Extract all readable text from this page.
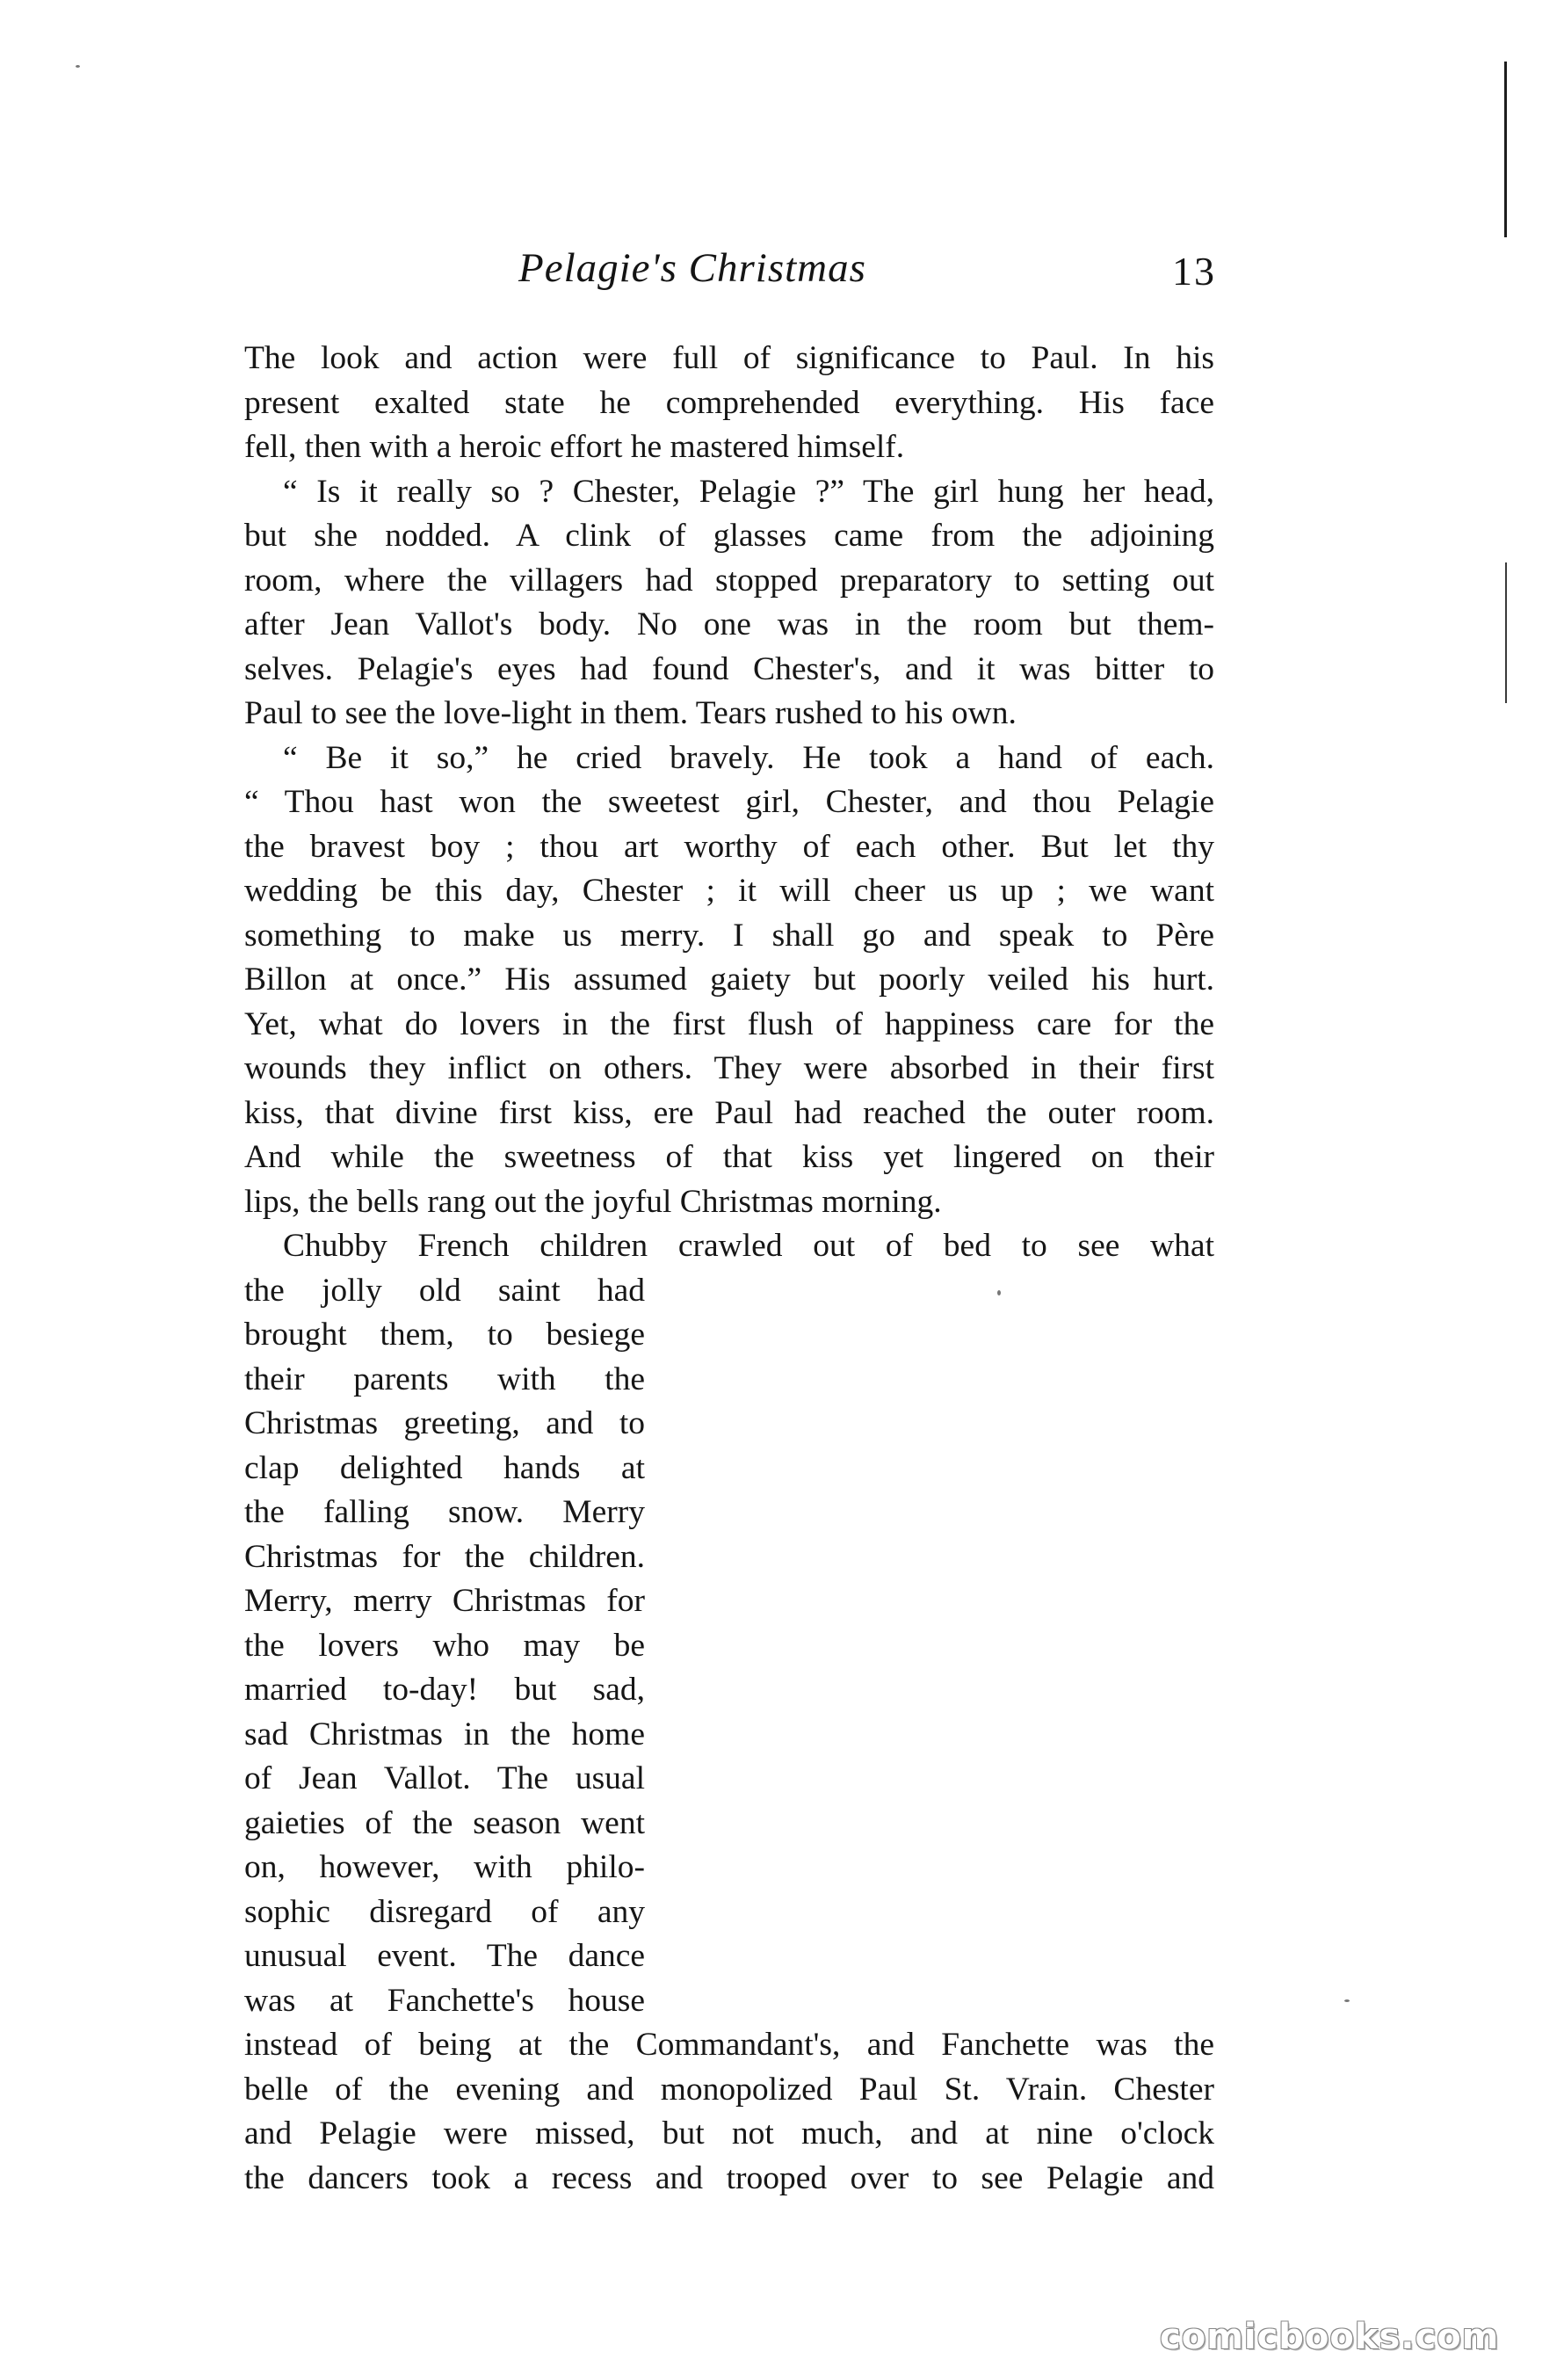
Pelagie's Christmas	13
The look and action were full of significance to Paul. In his
present exalted state he comprehended everything. His face
fell, then with a heroic effort he mastered himself.
“ Is it really so ? Chester, Pelagie ?” The girl hung her head,
but she nodded. A clink of glasses came from the adjoining
room, where the villagers had stopped preparatory to setting out
after Jean Vallot's body. No one was in the room but them-
selves. Pelagie's eyes had found Chester's, and it was bitter to
Paul to see the love-light in them. Tears rushed to his own.
“ Be it so,” he cried bravely. He took a hand of each.
“ Thou hast won the sweetest girl, Chester, and thou Pelagie
the bravest boy ; thou art worthy of each other. But let thy
wedding be this day, Chester ; it will cheer us up ; we want
something to make us merry. I shall go and speak to Père
Billon at once.” His assumed gaiety but poorly veiled his hurt.
Yet, what do lovers in the first flush of happiness care for the
wounds they inflict on others. They were absorbed in their first
kiss, that divine first kiss, ere Paul had reached the outer room.
And while the sweetness of that kiss yet lingered on their
lips, the bells rang out the joyful Christmas morning.
Chubby French children crawled out of bed to see what
the jolly old saint had
brought them, to besiege
their parents with the
Christmas greeting, and to
clap delighted hands at
the falling snow. Merry
Christmas for the children.
Merry, merry Christmas for
the lovers who may be
married to-day! but sad,
sad Christmas in the home
of Jean Vallot. The usual
gaieties of the season went
on, however, with philo-
sophic disregard of any
unusual event. The dance
was at Fanchette's house
instead of being at the Commandant's, and Fanchette was the
belle of the evening and monopolized Paul St. Vrain. Chester
and Pelagie were missed, but not much, and at nine o'clock
the dancers took a recess and trooped over to see Pelagie and
comicbooks.com
